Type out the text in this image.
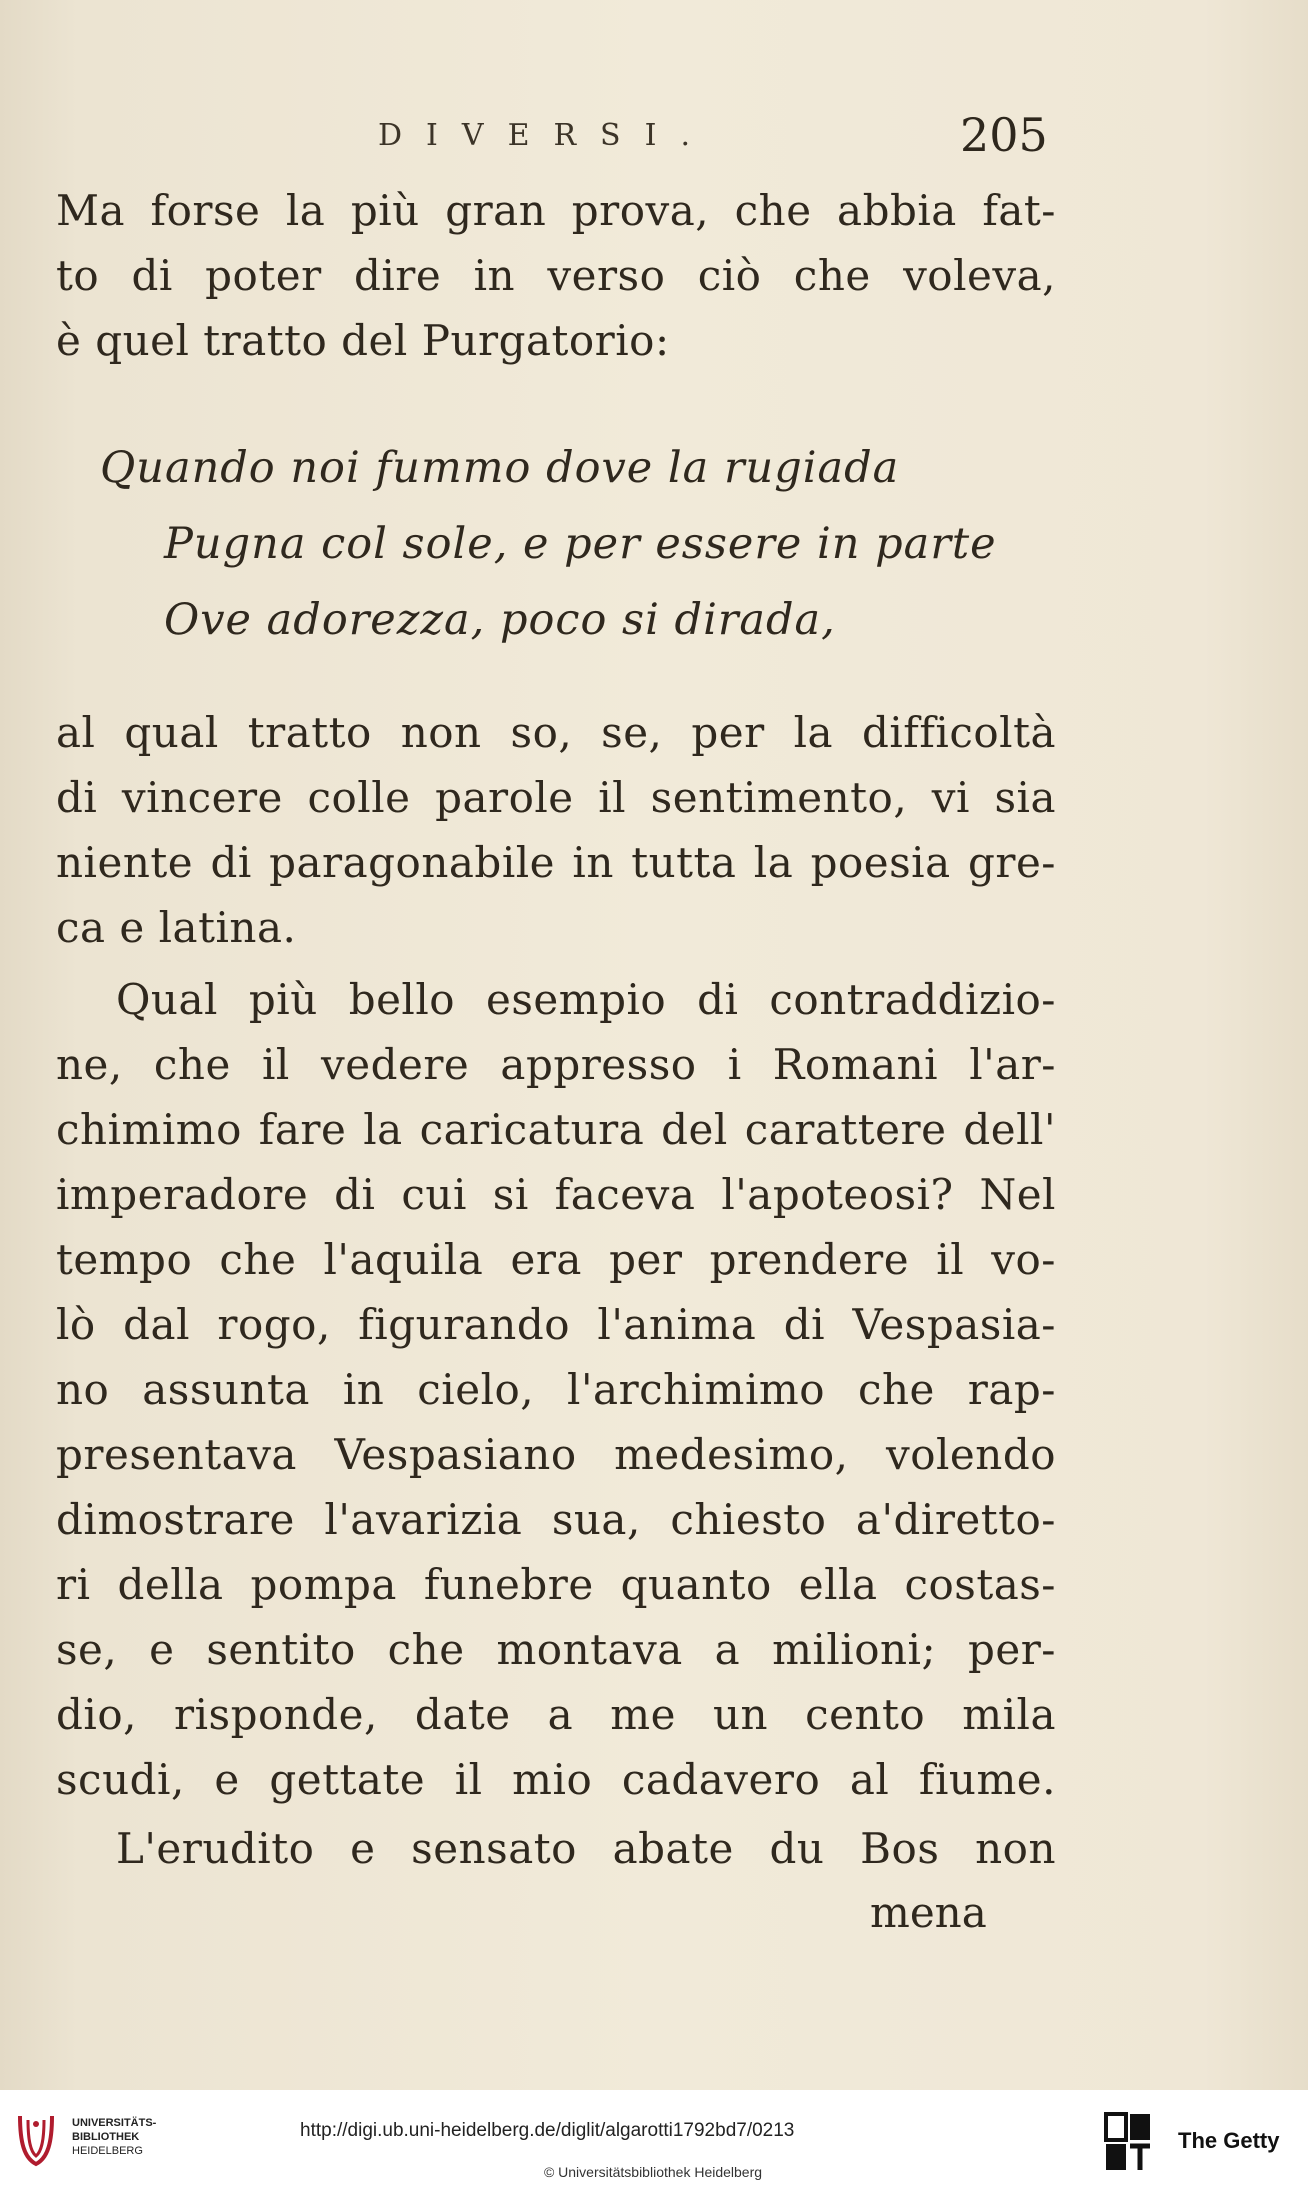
DIVERSI.	205
Ma forse la più gran prova, che abbia fat-
to di poter dire in verso ciò che voleva,
è quel tratto del Purgatorio:
Quando noi fummo dove la rugiada
Pugna col sole, e per essere in parte
Ove adorezza, poco si dirada,
al qual tratto non so, se, per la difficoltà
di vincere colle parole il sentimento, vi sia
niente di paragonabile in tutta la poesia gre-
ca e latina.
Qual più bello esempio di contraddizio-
ne, che il vedere appresso i Romani l'ar-
chimimo fare la caricatura del carattere dell'
imperadore di cui si faceva l'apoteosi? Nel
tempo che l'aquila era per prendere il vo-
lò dal rogo, figurando l'anima di Vespasia-
no assunta in cielo, l'archimimo che rap-
presentava Vespasiano medesimo, volendo
dimostrare l'avarizia sua, chiesto a'diretto-
ri della pompa funebre quanto ella costas-
se, e sentito che montava a milioni; per-
dio, risponde, date a me un cento mila
scudi, e gettate il mio cadavero al fiume.
L'erudito e sensato abate du Bos non
mena
UNIVERSITÄTS-
BIBLIOTHEK
HEIDELBERG
http://digi.ub.uni-heidelberg.de/diglit/algarotti1792bd7/0213
© Universitätsbibliothek Heidelberg
The Getty
